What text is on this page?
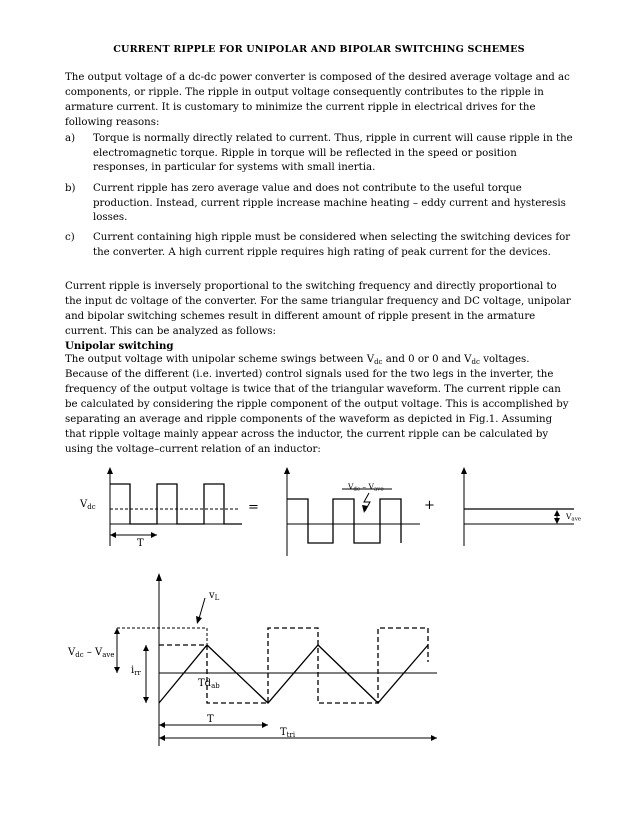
CURRENT RIPPLE FOR UNIPOLAR AND BIPOLAR SWITCHING SCHEMES
The output voltage of a dc-dc power converter is composed of the desired average voltage and ac components, or ripple. The ripple in output voltage consequently contributes to the ripple in armature current. It is customary to minimize the current ripple in electrical drives for the following reasons:
a) Torque is normally directly related to current. Thus, ripple in current will cause ripple in the electromagnetic torque. Ripple in torque will be reflected in the speed or position responses, in particular for systems with small inertia.
b) Current ripple has zero average value and does not contribute to the useful torque production. Instead, current ripple increase machine heating – eddy current and hysteresis losses.
c) Current containing high ripple must be considered when selecting the switching devices for the converter. A high current ripple requires high rating of peak current for the devices.
Current ripple is inversely proportional to the switching frequency and directly proportional to the input dc voltage of the converter. For the same triangular frequency and DC voltage, unipolar and bipolar switching schemes result in different amount of ripple present in the armature current. This can be analyzed as follows:
Unipolar switching
The output voltage with unipolar scheme swings between $V_{dc}$ and 0 or 0 and $V_{dc}$ voltages. Because of the different (i.e. inverted) control signals used for the two legs in the inverter, the frequency of the output voltage is twice that of the triangular waveform. The current ripple can be calculated by considering the ripple component of the output voltage. This is accomplished by separating an average and ripple components of the waveform as depicted in Fig.1. Assuming that ripple voltage mainly appear across the inductor, the current ripple can be calculated by using the voltage–current relation of an inductor:
$V_{dc}$
T
=	+
$V_{dc} - V_{ave}$
$V_{ave}$
$v_L$
$V_{dc} - V_{ave}$
$i_{rr}$
$Td_{ab}$
T
$T_{tri}$
